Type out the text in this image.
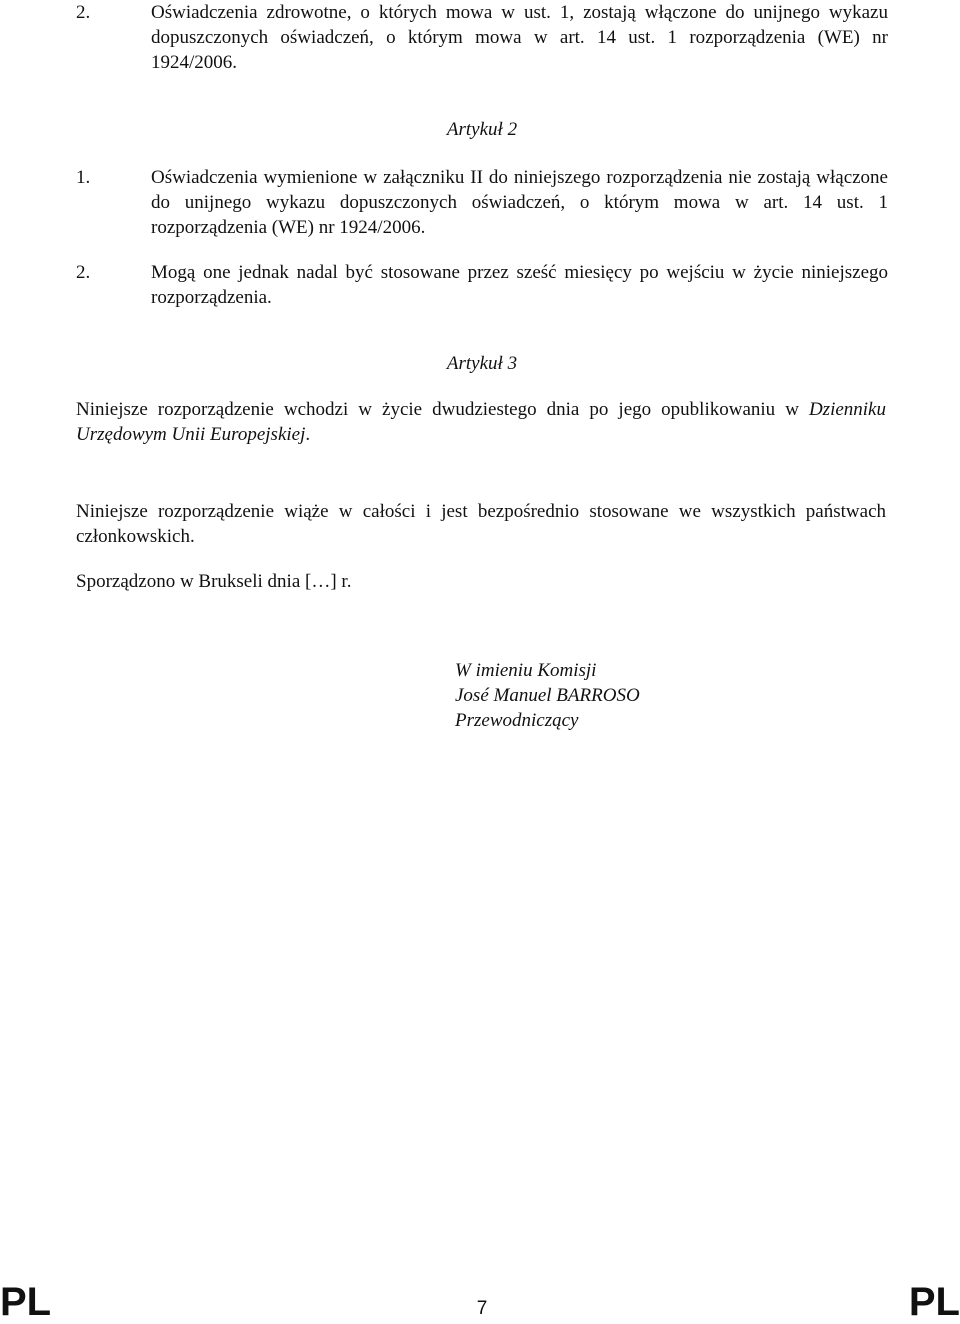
2.	Oświadczenia zdrowotne, o których mowa w ust. 1, zostają włączone do unijnego wykazu dopuszczonych oświadczeń, o którym mowa w art. 14 ust. 1 rozporządzenia (WE) nr 1924/2006.
Artykuł 2
1.	Oświadczenia wymienione w załączniku II do niniejszego rozporządzenia nie zostają włączone do unijnego wykazu dopuszczonych oświadczeń, o którym mowa w art. 14 ust. 1 rozporządzenia (WE) nr 1924/2006.
2.	Mogą one jednak nadal być stosowane przez sześć miesięcy po wejściu w życie niniejszego rozporządzenia.
Artykuł 3
Niniejsze rozporządzenie wchodzi w życie dwudziestego dnia po jego opublikowaniu w Dzienniku Urzędowym Unii Europejskiej.
Niniejsze rozporządzenie wiąże w całości i jest bezpośrednio stosowane we wszystkich państwach członkowskich.
Sporządzono w Brukseli dnia […] r.
W imieniu Komisji
José Manuel BARROSO
Przewodniczący
PL	7	PL
